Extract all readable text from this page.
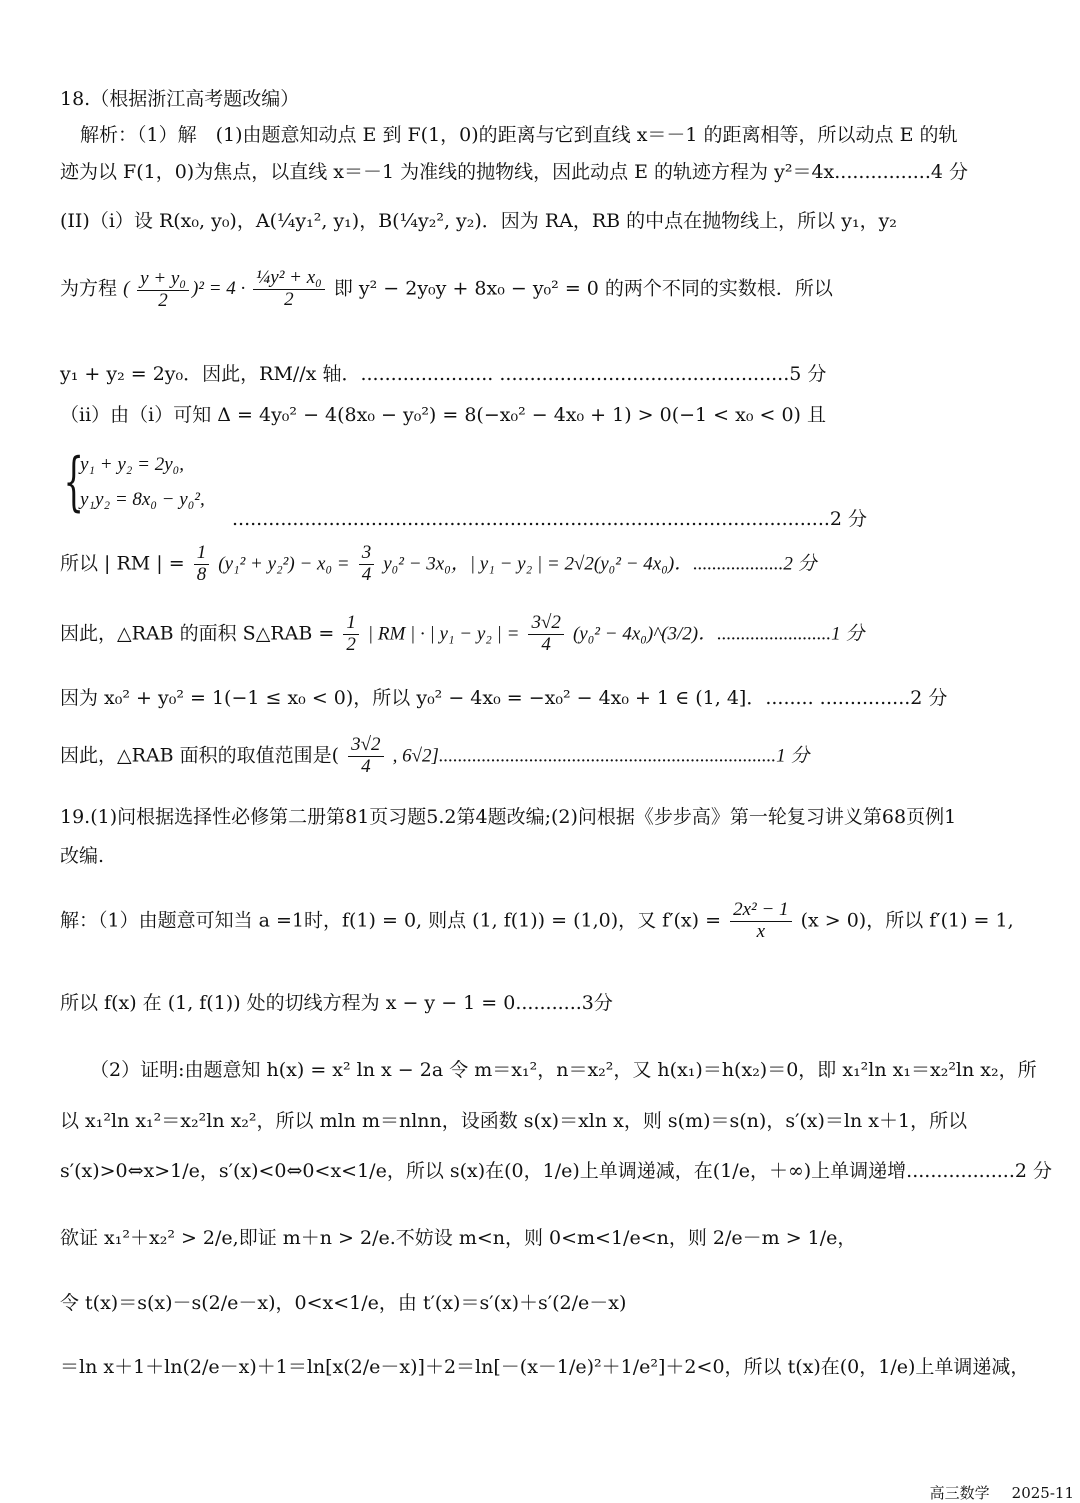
18.（根据浙江高考题改编）
解析：（1）解　(1)由题意知动点 E 到 F(1，0)的距离与它到直线 x＝－1 的距离相等，所以动点 E 的轨
迹为以 F(1，0)为焦点，以直线 x＝－1 为准线的抛物线，因此动点 E 的轨迹方程为 y²＝4x................4 分
(II)（i）设 R(x₀, y₀)，A(¼y₁², y₁)，B(¼y₂², y₂)．因为 RA，RB 的中点在抛物线上，所以 y₁，y₂
为方程 ( $\frac{\text{y + y₀}}{2} )^2 = 4 \cdot \frac{\text{¼y² + x₀}}{2}$ 即 y² − 2y₀y + 8x₀ − y₀² = 0 的两个不同的实数根．所以
y₁ + y₂ = 2y₀．因此，RM//x 轴．...................... ................................................5 分
（ii）由（i）可知 Δ = 4y₀² − 4(8x₀ − y₀²) = 8(−x₀² − 4x₀ + 1) > 0(−1 < x₀ < 0) 且
{
y₁ + y₂ = 2y₀,
y₁y₂ = 8x₀ − y₀²,
...................................................................................................2 分
所以 | RM | = $\frac{1}{8} (y_1^2 + y_2^2) - x_0 = \frac{3}{4} y_0^2 - 3x_0$，| y₁ − y₂ | = 2√2(y₀² − 4x₀)．...................2 分
因此，△RAB 的面积 S△RAB = $\frac{1}{2}$ | RM | · | y₁ − y₂ | = $\frac{3√2}{4} (y_0^2$ − 4x₀)^(3/2)．........................1 分
因为 x₀² + y₀² = 1(−1 ≤ x₀ < 0)，所以 y₀² − 4x₀ = −x₀² − 4x₀ + 1 ∈ (1, 4]．........ ...............2 分
因此，△RAB 面积的取值范围是( $\frac{3√2}{4}$ , 6√2].......................................................................1 分
19.(1)问根据选择性必修第二册第81页习题5.2第4题改编;(2)问根据《步步高》第一轮复习讲义第68页例1
改编.
解：（1）由题意可知当 a =1时，f(1) = 0, 则点 (1, f(1)) = (1,0)，又 $f'(x) = \frac{\text{2x² − 1}}{x} (x > 0)$，所以 f′(1) = 1,
所以 f(x) 在 (1, f(1)) 处的切线方程为 x − y − 1 = 0...........3分
（2）证明:由题意知 h(x) = x² ln x − 2a 令 m＝x₁²，n＝x₂²，又 h(x₁)＝h(x₂)＝0，即 x₁²ln x₁＝x₂²ln x₂，所
以 x₁²ln x₁²＝x₂²ln x₂²，所以 mln m＝nlnn，设函数 s(x)＝xln x，则 s(m)＝s(n)，s′(x)＝ln x＋1，所以
s′(x)>0⇔x>1/e，s′(x)<0⇔0<x<1/e，所以 s(x)在(0，1/e)上单调递减，在(1/e，＋∞)上单调递增..................2 分
欲证 x₁²＋x₂² > 2/e,即证 m＋n > 2/e.不妨设 m<n，则 0<m<1/e<n，则 2/e－m > 1/e，
令 t(x)＝s(x)－s(2/e－x)，0<x<1/e，由 t′(x)＝s′(x)＋s′(2/e－x)
＝ln x＋1＋ln(2/e－x)＋1＝ln[x(2/e－x)]＋2＝ln[－(x－1/e)²＋1/e²]＋2<0，所以 t(x)在(0，1/e)上单调递减，
高三数学 2025-11
